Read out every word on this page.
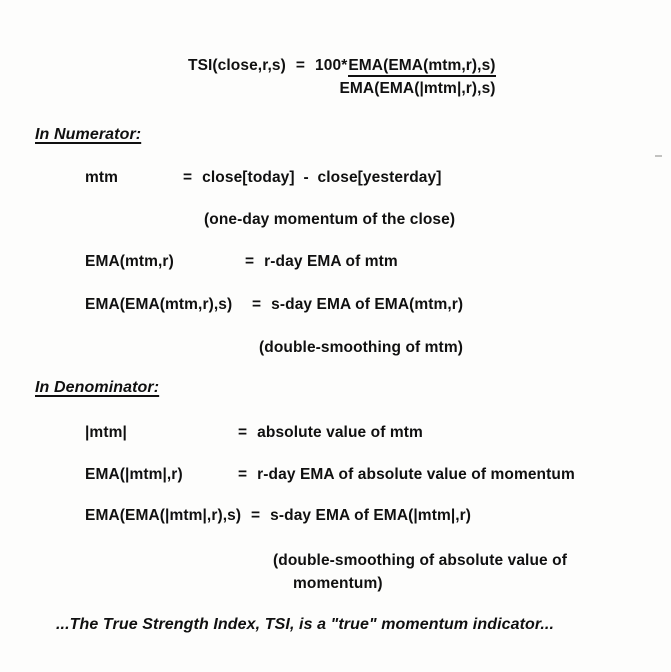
TSI(close,r,s) = 100*EMA(EMA(mtm,r),s)
EMA(EMA(|mtm|,r),s)
In Numerator:
mtm	= close[today]  -  close[yesterday]
(one-day momentum of the close)
EMA(mtm,r)	= r-day EMA of mtm
EMA(EMA(mtm,r),s)	= s-day EMA of EMA(mtm,r)
(double-smoothing of mtm)
In Denominator:
|mtm|	= absolute value of mtm
EMA(|mtm|,r)	= r-day EMA of absolute value of momentum
EMA(EMA(|mtm|,r),s) = s-day EMA of EMA(|mtm|,r)
(double-smoothing of absolute value of momentum)
...The True Strength Index, TSI, is a "true" momentum indicator...
